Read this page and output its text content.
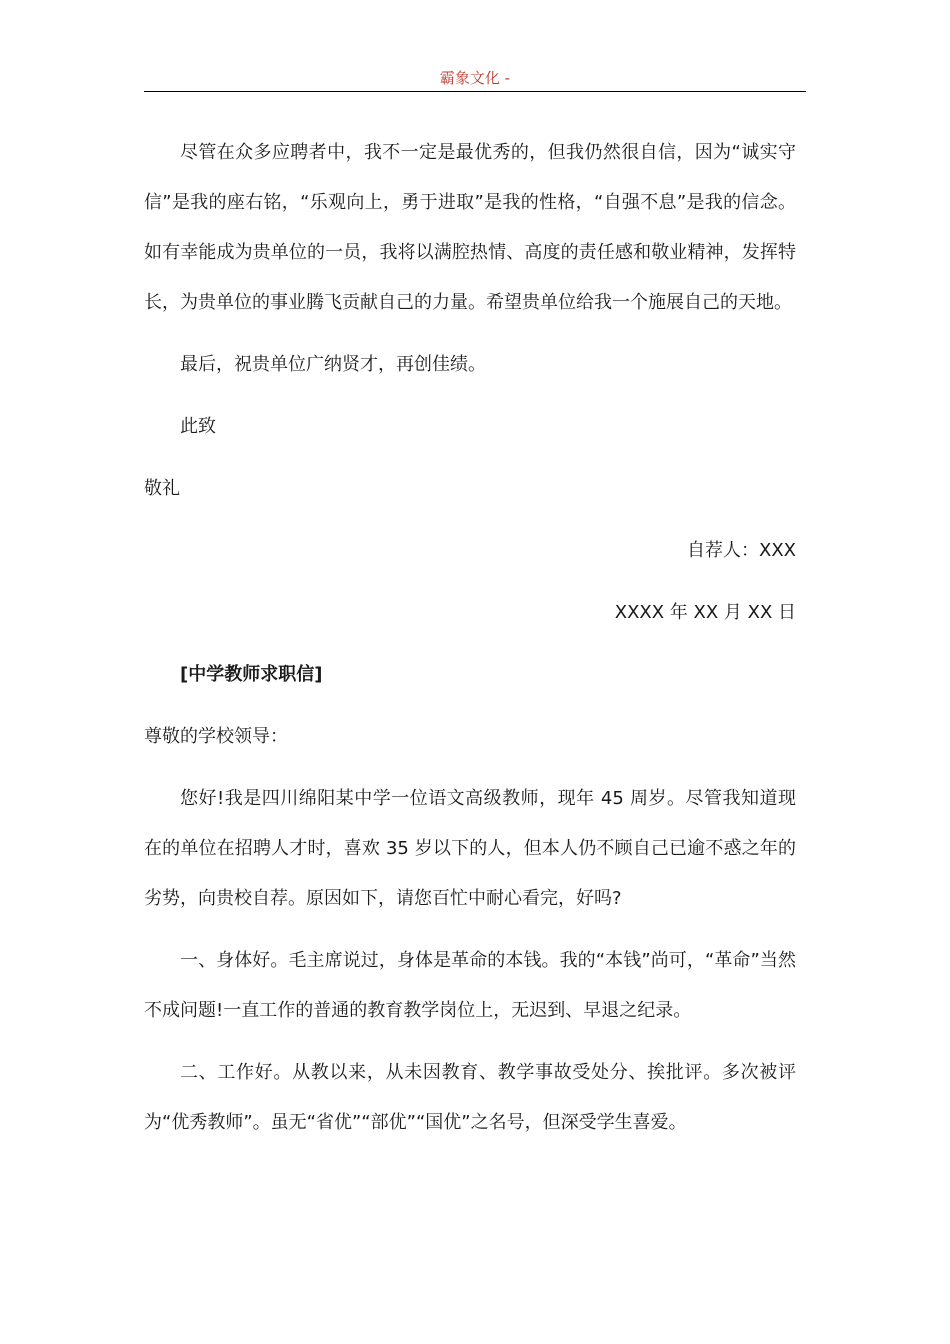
霸象文化 -

尽管在众多应聘者中，我不一定是最优秀的，但我仍然很自信，因为“诚实守信”是我的座右铭，“乐观向上，勇于进取”是我的性格，“自强不息”是我的信念。如有幸能成为贵单位的一员，我将以满腔热情、高度的责任感和敬业精神，发挥特长，为贵单位的事业腾飞贡献自己的力量。希望贵单位给我一个施展自己的天地。

最后，祝贵单位广纳贤才，再创佳绩。

此致

敬礼

自荐人：XXX

XXXX 年 XX 月 XX 日

[中学教师求职信]

尊敬的学校领导：

您好!我是四川绵阳某中学一位语文高级教师，现年 45 周岁。尽管我知道现在的单位在招聘人才时，喜欢 35 岁以下的人，但本人仍不顾自己已逾不惑之年的劣势，向贵校自荐。原因如下，请您百忙中耐心看完，好吗?

一、身体好。毛主席说过，身体是革命的本钱。我的“本钱”尚可，“革命”当然不成问题!一直工作的普通的教育教学岗位上，无迟到、早退之纪录。

二、工作好。从教以来，从未因教育、教学事故受处分、挨批评。多次被评为“优秀教师”。虽无“省优”“部优”“国优”之名号，但深受学生喜爱。
